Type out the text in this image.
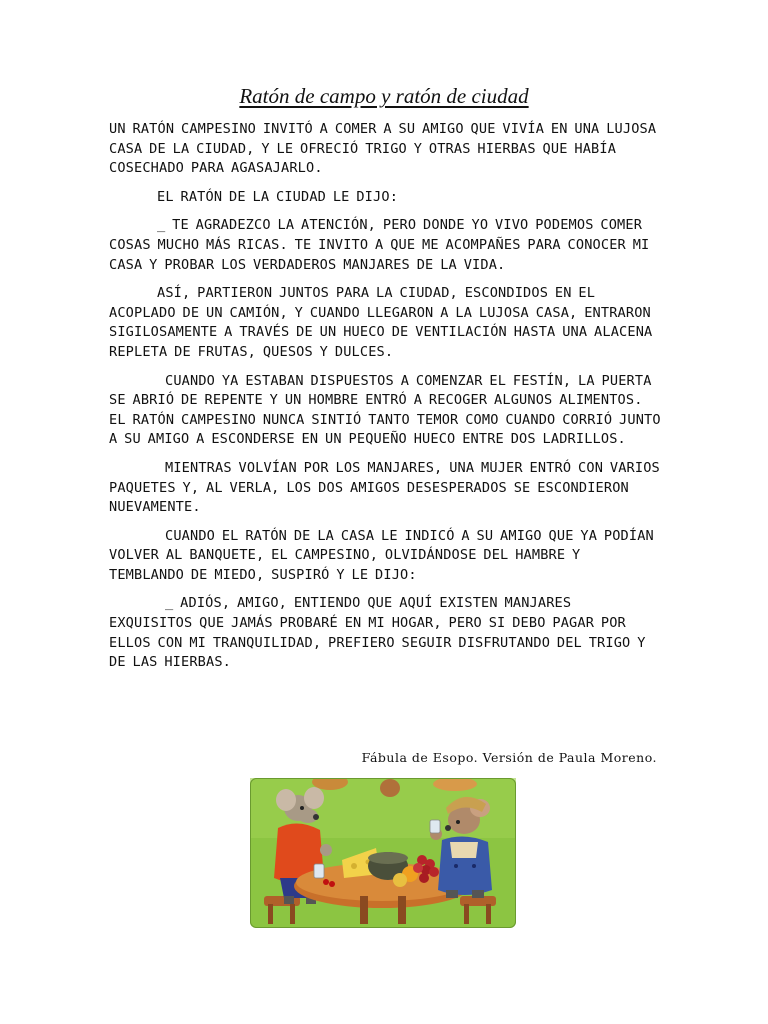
Ratón de campo y ratón de ciudad

UN RATÓN CAMPESINO INVITÓ A COMER A SU AMIGO QUE VIVÍA EN UNA LUJOSA CASA DE LA CIUDAD, Y LE OFRECIÓ TRIGO Y OTRAS HIERBAS QUE HABÍA COSECHADO PARA AGASAJARLO.

EL RATÓN DE LA CIUDAD LE DIJO:

_ TE AGRADEZCO LA ATENCIÓN, PERO DONDE YO VIVO PODEMOS COMER COSAS MUCHO MÁS RICAS. TE INVITO A QUE ME ACOMPAÑES PARA CONOCER MI CASA Y PROBAR LOS VERDADEROS MANJARES DE LA VIDA.

ASÍ, PARTIERON JUNTOS PARA LA CIUDAD, ESCONDIDOS EN EL ACOPLADO DE UN CAMIÓN, Y CUANDO LLEGARON A LA LUJOSA CASA, ENTRARON SIGILOSAMENTE A TRAVÉS DE UN HUECO DE VENTILACIÓN HASTA UNA ALACENA REPLETA DE FRUTAS, QUESOS Y DULCES.

CUANDO YA ESTABAN DISPUESTOS A COMENZAR EL FESTÍN, LA PUERTA SE ABRIÓ DE REPENTE Y UN HOMBRE ENTRÓ A RECOGER ALGUNOS ALIMENTOS. EL RATÓN CAMPESINO NUNCA SINTIÓ TANTO TEMOR COMO CUANDO CORRIÓ JUNTO A SU AMIGO A ESCONDERSE EN UN PEQUEÑO HUECO ENTRE DOS LADRILLOS.

MIENTRAS VOLVÍAN POR LOS MANJARES, UNA MUJER ENTRÓ CON VARIOS PAQUETES Y, AL VERLA, LOS DOS AMIGOS DESESPERADOS SE ESCONDIERON NUEVAMENTE.

CUANDO EL RATÓN DE LA CASA LE INDICÓ A SU AMIGO QUE YA PODÍAN VOLVER AL BANQUETE, EL CAMPESINO, OLVIDÁNDOSE DEL HAMBRE Y TEMBLANDO DE MIEDO, SUSPIRÓ Y LE DIJO:

_ ADIÓS, AMIGO, ENTIENDO QUE AQUÍ EXISTEN MANJARES EXQUISITOS QUE JAMÁS PROBARÉ EN MI HOGAR, PERO SI DEBO PAGAR POR ELLOS CON MI TRANQUILIDAD, PREFIERO SEGUIR DISFRUTANDO DEL TRIGO Y DE LAS HIERBAS.

Fábula de Esopo. Versión de Paula Moreno.
